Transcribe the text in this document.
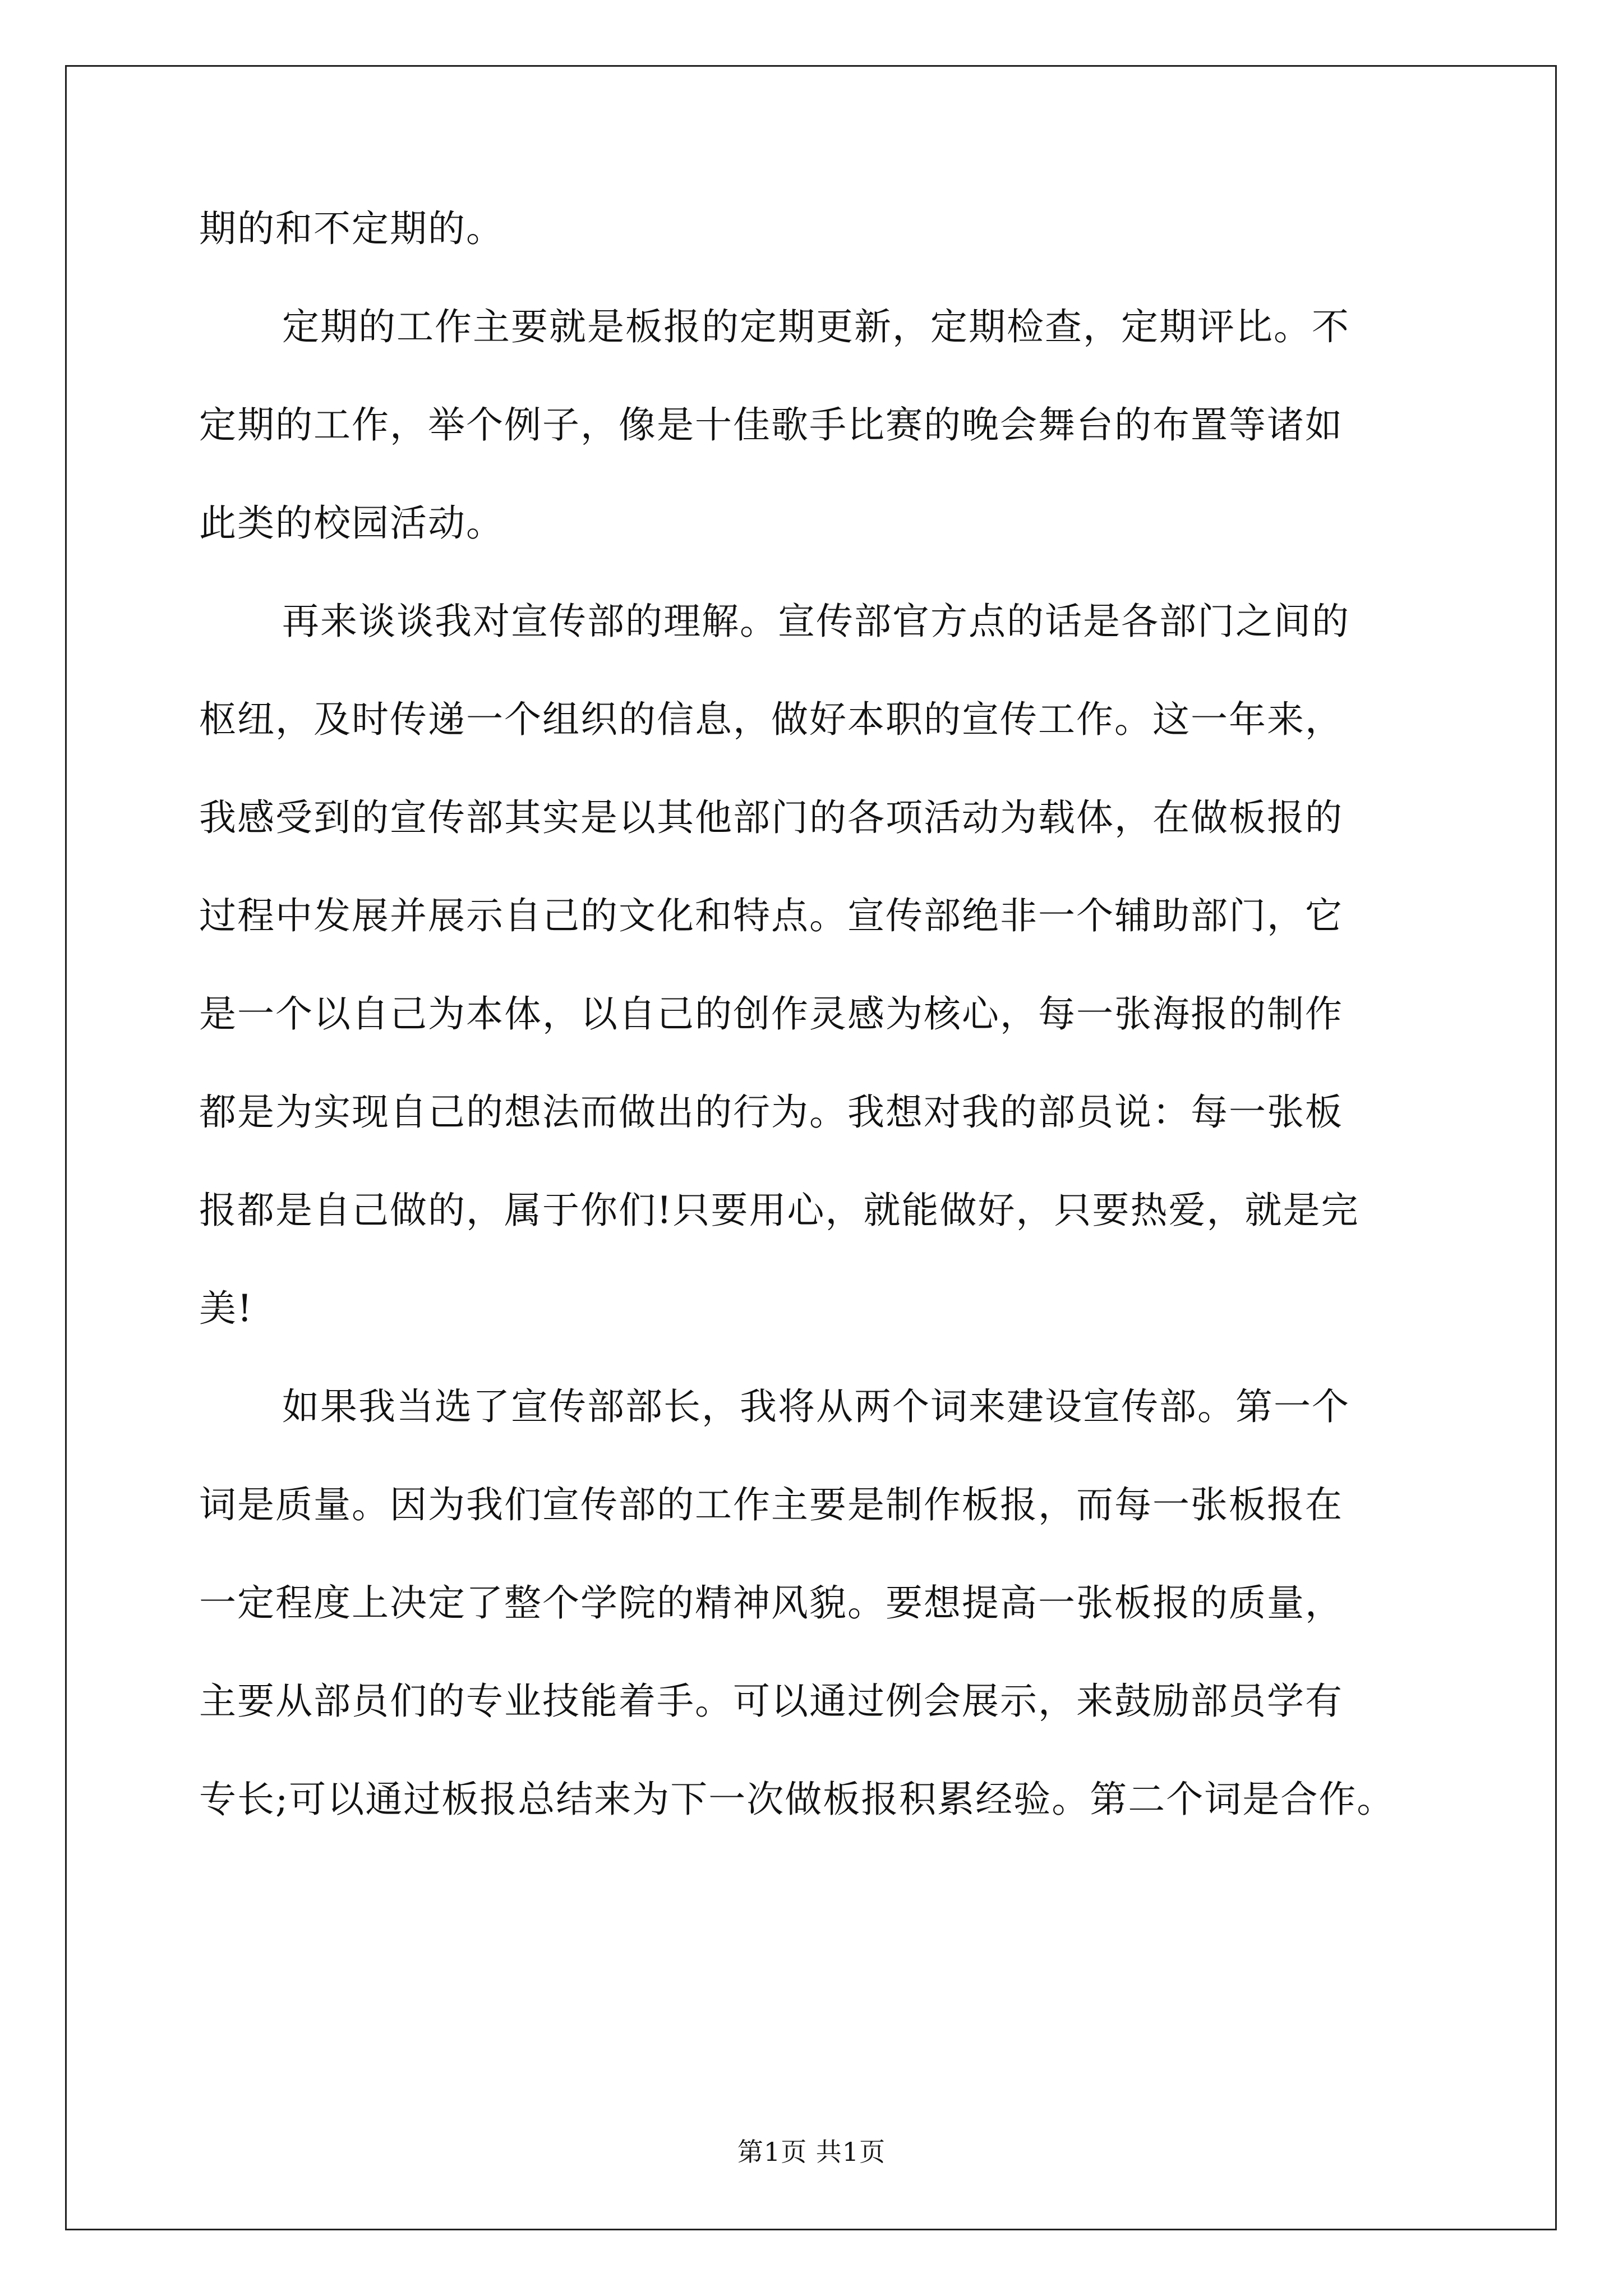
期的和不定期的。
定期的工作主要就是板报的定期更新，定期检查，定期评比。不
定期的工作，举个例子，像是十佳歌手比赛的晚会舞台的布置等诸如
此类的校园活动。
再来谈谈我对宣传部的理解。宣传部官方点的话是各部门之间的
枢纽，及时传递一个组织的信息，做好本职的宣传工作。这一年来，
我感受到的宣传部其实是以其他部门的各项活动为载体，在做板报的
过程中发展并展示自己的文化和特点。宣传部绝非一个辅助部门，它
是一个以自己为本体，以自己的创作灵感为核心，每一张海报的制作
都是为实现自己的想法而做出的行为。我想对我的部员说：每一张板
报都是自己做的，属于你们!只要用心，就能做好，只要热爱，就是完
美!
如果我当选了宣传部部长，我将从两个词来建设宣传部。第一个
词是质量。因为我们宣传部的工作主要是制作板报，而每一张板报在
一定程度上决定了整个学院的精神风貌。要想提高一张板报的质量，
主要从部员们的专业技能着手。可以通过例会展示，来鼓励部员学有
专长;可以通过板报总结来为下一次做板报积累经验。第二个词是合作。
第1页 共1页
